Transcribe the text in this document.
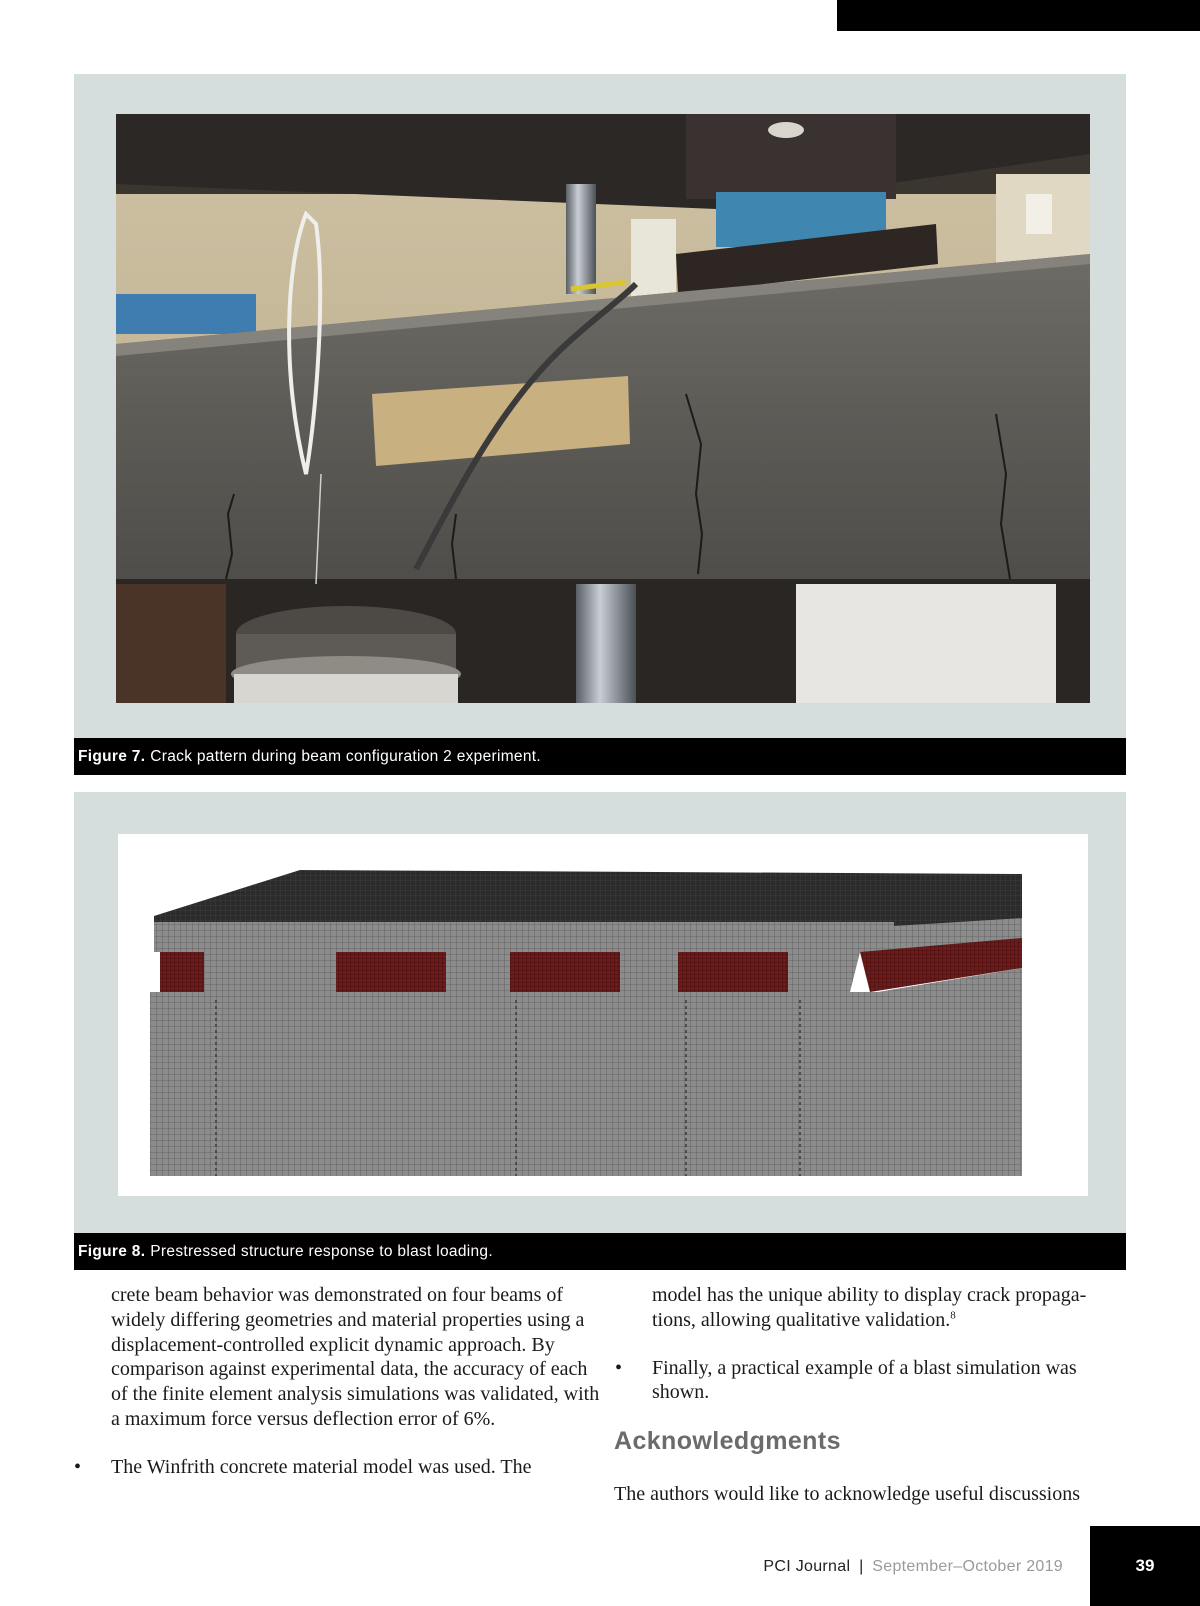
Figure 7. Crack pattern during beam configuration 2 experiment.
Figure 8. Prestressed structure response to blast loading.

crete beam behavior was demonstrated on four beams of widely differing geometries and material properties using a displacement-controlled explicit dynamic approach. By comparison against experimental data, the accuracy of each of the finite element analysis simulations was validated, with a maximum force versus deflection error of 6%.

• The Winfrith concrete material model was used. The

model has the unique ability to display crack propaga-tions, allowing qualitative validation.$^8$

• Finally, a practical example of a blast simulation was shown.
Acknowledgments
The authors would like to acknowledge useful discussions
PCI Journal | September–October 2019	39
